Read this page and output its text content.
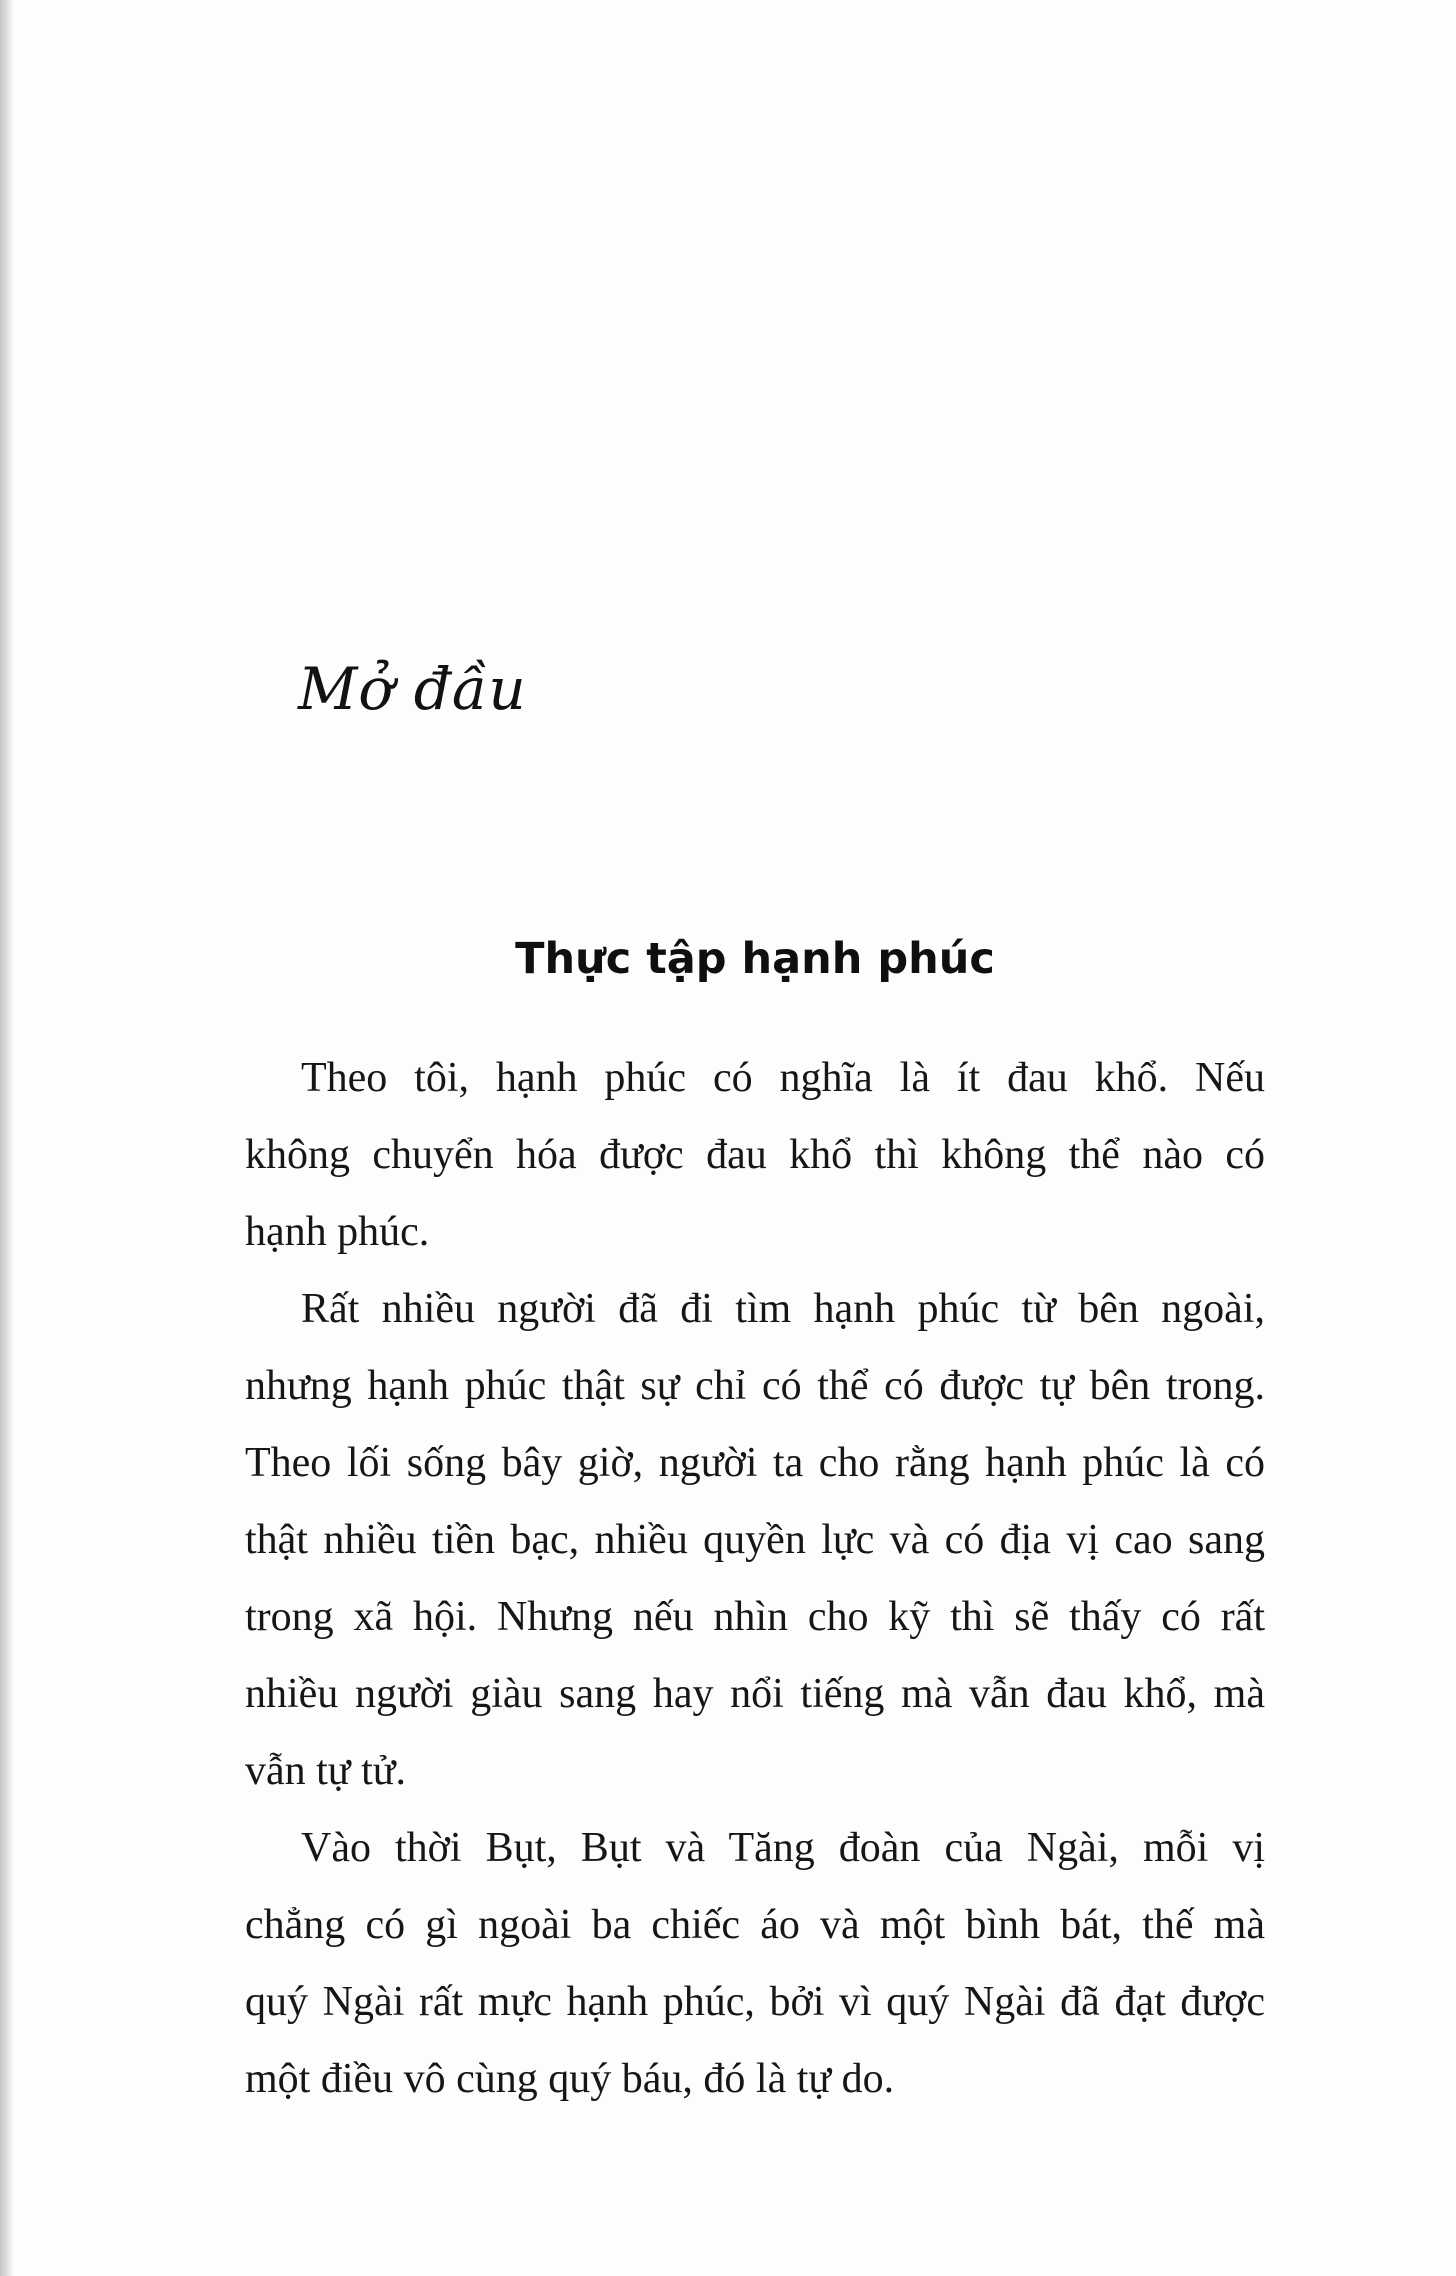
Mở đầu
Thực tập hạnh phúc
Theo tôi, hạnh phúc có nghĩa là ít đau khổ. Nếu
không chuyển hóa được đau khổ thì không thể nào có
hạnh phúc.
Rất nhiều người đã đi tìm hạnh phúc từ bên ngoài,
nhưng hạnh phúc thật sự chỉ có thể có được tự bên trong.
Theo lối sống bây giờ, người ta cho rằng hạnh phúc là có
thật nhiều tiền bạc, nhiều quyền lực và có địa vị cao sang
trong xã hội. Nhưng nếu nhìn cho kỹ thì sẽ thấy có rất
nhiều người giàu sang hay nổi tiếng mà vẫn đau khổ, mà
vẫn tự tử.
Vào thời Bụt, Bụt và Tăng đoàn của Ngài, mỗi vị
chẳng có gì ngoài ba chiếc áo và một bình bát, thế mà
quý Ngài rất mực hạnh phúc, bởi vì quý Ngài đã đạt được
một điều vô cùng quý báu, đó là tự do.
